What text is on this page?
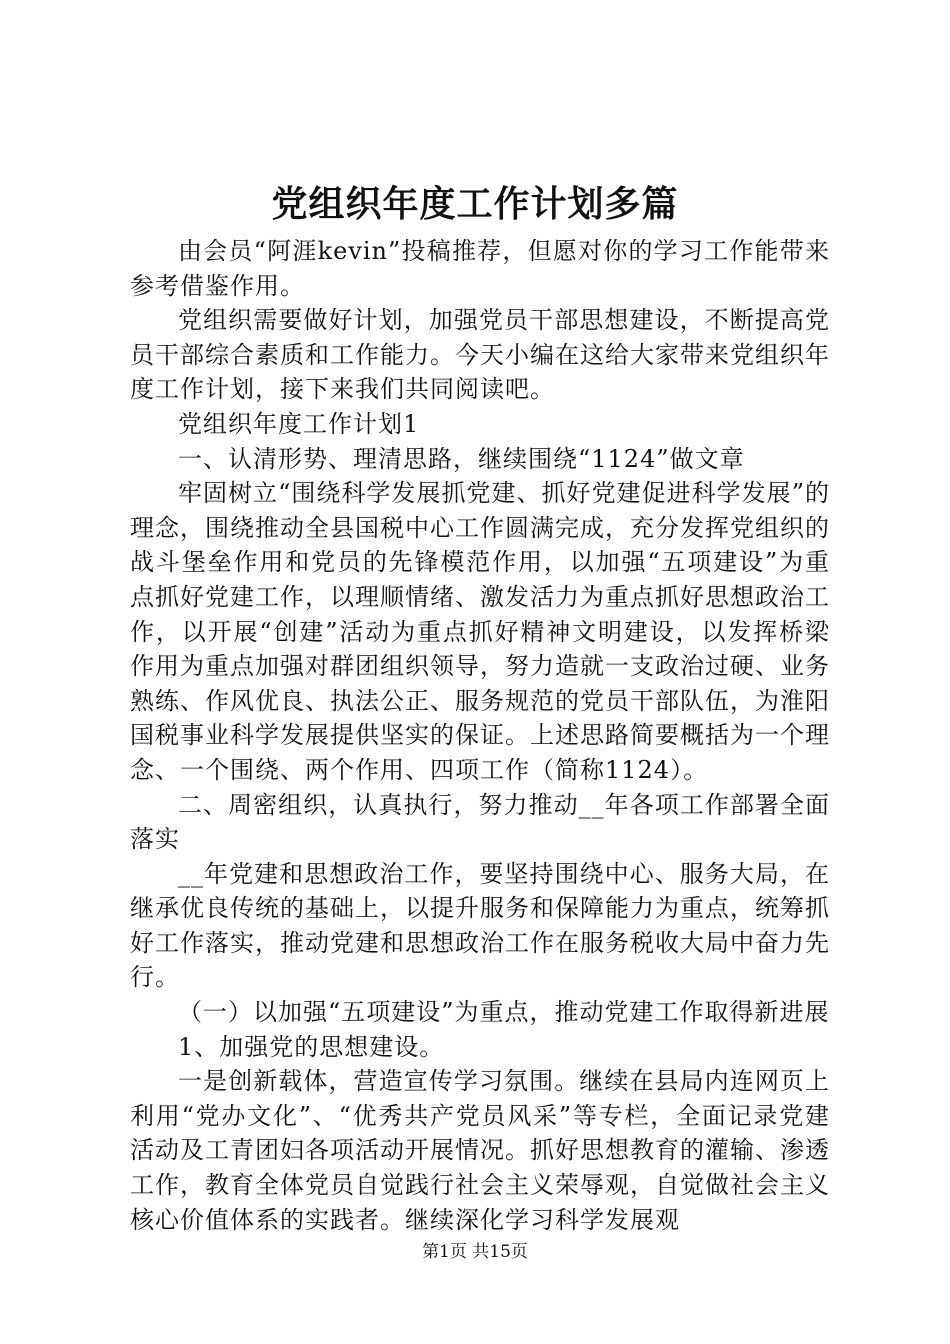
党组织年度工作计划多篇

由会员“阿涯kevin”投稿推荐，但愿对你的学习工作能带来参考借鉴作用。

党组织需要做好计划，加强党员干部思想建设，不断提高党员干部综合素质和工作能力。今天小编在这给大家带来党组织年度工作计划，接下来我们共同阅读吧。

党组织年度工作计划1

一、认清形势、理清思路，继续围绕“1124”做文章

牢固树立“围绕科学发展抓党建、抓好党建促进科学发展”的理念，围绕推动全县国税中心工作圆满完成，充分发挥党组织的战斗堡垒作用和党员的先锋模范作用，以加强“五项建设”为重点抓好党建工作，以理顺情绪、激发活力为重点抓好思想政治工作，以开展“创建”活动为重点抓好精神文明建设，以发挥桥梁作用为重点加强对群团组织领导，努力造就一支政治过硬、业务熟练、作风优良、执法公正、服务规范的党员干部队伍，为淮阳国税事业科学发展提供坚实的保证。上述思路简要概括为一个理念、一个围绕、两个作用、四项工作（简称1124）。

二、周密组织，认真执行，努力推动__年各项工作部署全面落实

__年党建和思想政治工作，要坚持围绕中心、服务大局，在继承优良传统的基础上，以提升服务和保障能力为重点，统筹抓好工作落实，推动党建和思想政治工作在服务税收大局中奋力先行。

（一）以加强“五项建设”为重点，推动党建工作取得新进展

1、加强党的思想建设。

一是创新载体，营造宣传学习氛围。继续在县局内连网页上利用“党办文化”、“优秀共产党员风采”等专栏，全面记录党建活动及工青团妇各项活动开展情况。抓好思想教育的灌输、渗透工作，教育全体党员自觉践行社会主义荣辱观，自觉做社会主义核心价值体系的实践者。继续深化学习科学发展观

第1页 共15页
